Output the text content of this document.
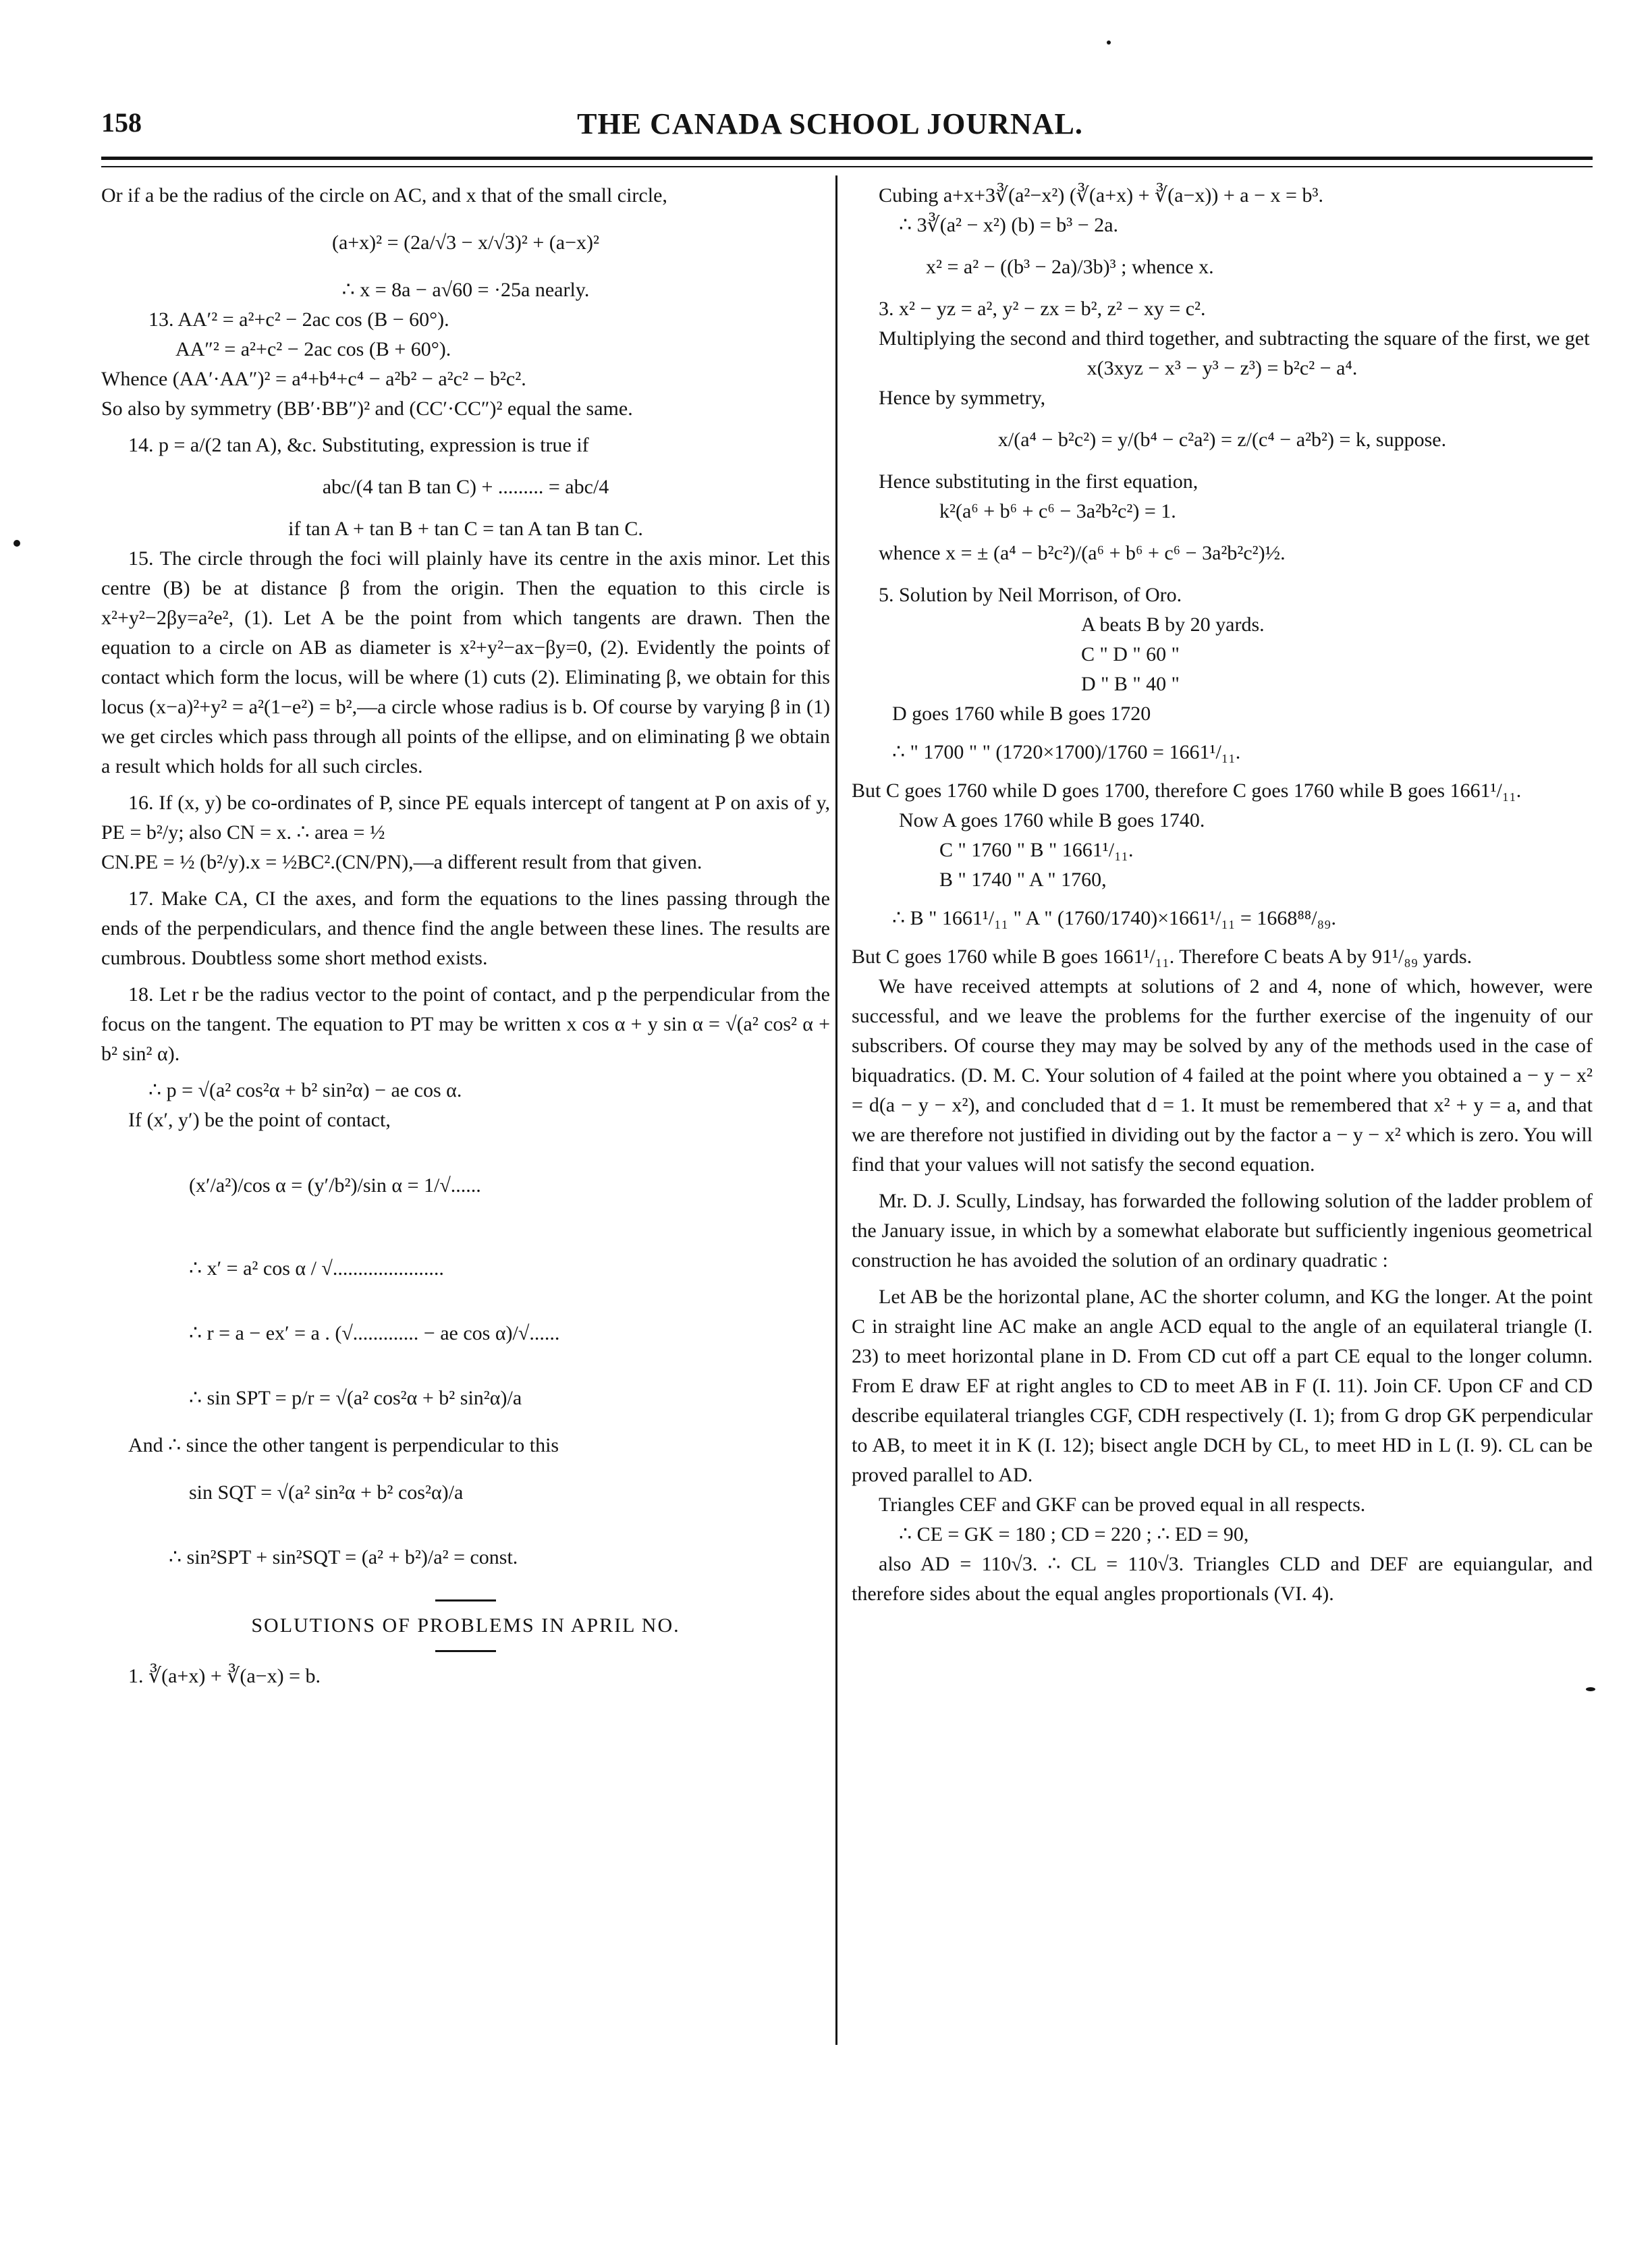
158	THE CANADA SCHOOL JOURNAL.

Or if a be the radius of the circle on AC, and x that of the small circle,

(a+x)² = (2a/√3 − x/√3)² + (a−x)²

∴ x = 8a − a√60 = ·25a nearly.

13. AA′² = a²+c² − 2ac cos (B − 60°).

AA″² = a²+c² − 2ac cos (B + 60°).

Whence (AA′·AA″)² = a⁴+b⁴+c⁴ − a²b² − a²c² − b²c².

So also by symmetry (BB′·BB″)² and (CC′·CC″)² equal the same.

14. p = a/(2 tan A), &c. Substituting, expression is true if

abc/(4 tan B tan C) + ......... = abc/4

if tan A + tan B + tan C = tan A tan B tan C.

15. The circle through the foci will plainly have its centre in the axis minor. Let this centre (B) be at distance β from the origin. Then the equation to this circle is x²+y²−2βy=a²e², (1). Let A be the point from which tangents are drawn. Then the equation to a circle on AB as diameter is x²+y²−ax−βy=0, (2). Evidently the points of contact which form the locus, will be where (1) cuts (2). Eliminating β, we obtain for this locus (x−a)²+y² = a²(1−e²) = b²,—a circle whose radius is b. Of course by varying β in (1) we get circles which pass through all points of the ellipse, and on eliminating β we obtain a result which holds for all such circles.

16. If (x, y) be co-ordinates of P, since PE equals intercept of tangent at P on axis of y, PE = b²/y; also CN = x. ∴ area = ½

CN.PE = ½ (b²/y).x = ½BC².(CN/PN),—a different result from that given.

17. Make CA, CI the axes, and form the equations to the lines passing through the ends of the perpendiculars, and thence find the angle between these lines. The results are cumbrous. Doubtless some short method exists.

18. Let r be the radius vector to the point of contact, and p the perpendicular from the focus on the tangent. The equation to PT may be written x cos α + y sin α = √(a² cos² α + b² sin² α).

∴ p = √(a² cos²α + b² sin²α) − ae cos α.

If (x′, y′) be the point of contact,

(x′/a²)/cos α = (y′/b²)/sin α = 1/√......
∴ x′ = a² cos α / √......................
∴ r = a − ex′ = a . (√............. − ae cos α)/√......
∴ sin SPT = p/r = √(a² cos²α + b² sin²α)/a

And ∴ since the other tangent is perpendicular to this

sin SQT = √(a² sin²α + b² cos²α)/a
∴ sin²SPT + sin²SQT = (a² + b²)/a² = const.

SOLUTIONS OF PROBLEMS IN APRIL NO.

1. ∛(a+x) + ∛(a−x) = b.

Cubing a+x+3∛(a²−x²) (∛(a+x) + ∛(a−x)) + a − x = b³.

∴ 3∛(a² − x²) (b) = b³ − 2a.

x² = a² − ((b³ − 2a)/3b)³ ; whence x.

3. x² − yz = a², y² − zx = b², z² − xy = c².

Multiplying the second and third together, and subtracting the square of the first, we get

x(3xyz − x³ − y³ − z³) = b²c² − a⁴.

Hence by symmetry,

x/(a⁴ − b²c²) = y/(b⁴ − c²a²) = z/(c⁴ − a²b²) = k, suppose.

Hence substituting in the first equation,

k²(a⁶ + b⁶ + c⁶ − 3a²b²c²) = 1.

whence x = ± (a⁴ − b²c²)/(a⁶ + b⁶ + c⁶ − 3a²b²c²)½.

5. Solution by Neil Morrison, of Oro.

A beats B by 20 yards.

C " D " 60 "

D " B " 40 "

D goes 1760 while B goes 1720

∴ " 1700 " " (1720×1700)/1760 = 1661¹/₁₁.

But C goes 1760 while D goes 1700, therefore C goes 1760 while B goes 1661¹/₁₁.

Now A goes 1760 while B goes 1740.

C " 1760 " B " 1661¹/₁₁.

B " 1740 " A " 1760,

∴ B " 1661¹/₁₁ " A " (1760/1740)×1661¹/₁₁ = 1668⁸⁸/₈₉.

But C goes 1760 while B goes 1661¹/₁₁. Therefore C beats A by 91¹/₈₉ yards.

We have received attempts at solutions of 2 and 4, none of which, however, were successful, and we leave the problems for the further exercise of the ingenuity of our subscribers. Of course they may may be solved by any of the methods used in the case of biquadratics. (D. M. C. Your solution of 4 failed at the point where you obtained a − y − x² = d(a − y − x²), and concluded that d = 1. It must be remembered that x² + y = a, and that we are therefore not justified in dividing out by the factor a − y − x² which is zero. You will find that your values will not satisfy the second equation.

Mr. D. J. Scully, Lindsay, has forwarded the following solution of the ladder problem of the January issue, in which by a somewhat elaborate but sufficiently ingenious geometrical construction he has avoided the solution of an ordinary quadratic :

Let AB be the horizontal plane, AC the shorter column, and KG the longer. At the point C in straight line AC make an angle ACD equal to the angle of an equilateral triangle (I. 23) to meet horizontal plane in D. From CD cut off a part CE equal to the longer column. From E draw EF at right angles to CD to meet AB in F (I. 11). Join CF. Upon CF and CD describe equilateral triangles CGF, CDH respectively (I. 1); from G drop GK perpendicular to AB, to meet it in K (I. 12); bisect angle DCH by CL, to meet HD in L (I. 9). CL can be proved parallel to AD.

Triangles CEF and GKF can be proved equal in all respects.

∴ CE = GK = 180 ; CD = 220 ; ∴ ED = 90,

also AD = 110√3. ∴ CL = 110√3. Triangles CLD and DEF are equiangular, and therefore sides about the equal angles proportionals (VI. 4).
